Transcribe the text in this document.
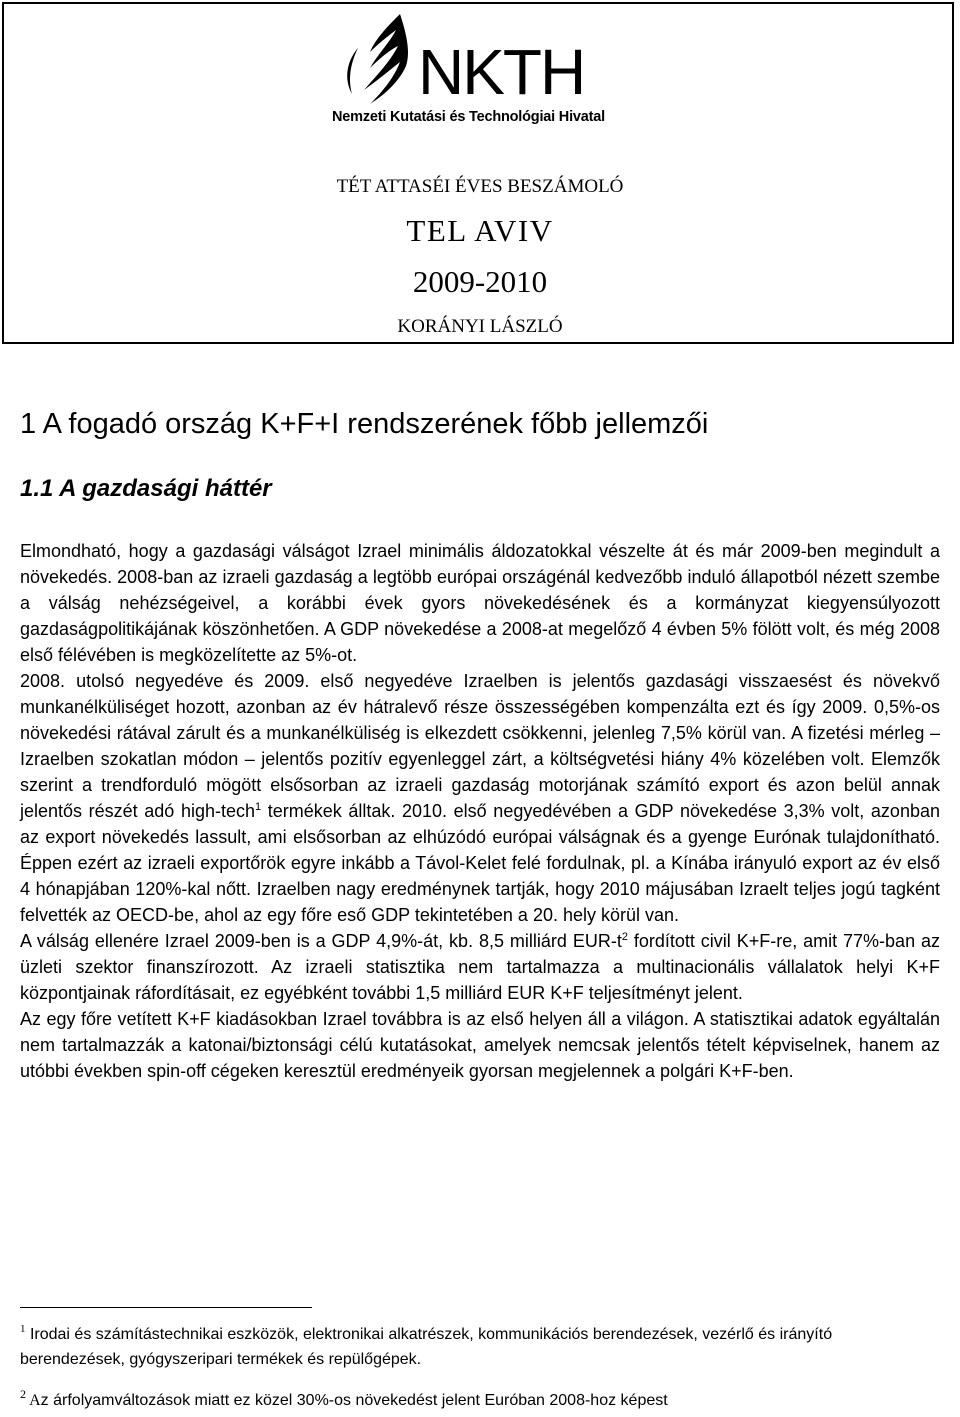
NKTH
Nemzeti Kutatási és Technológiai Hivatal
TÉT ATTASÉI ÉVES BESZÁMOLÓ
TEL AVIV
2009-2010
KORÁNYI LÁSZLÓ
1 A fogadó ország K+F+I rendszerének főbb jellemzői
1.1 A gazdasági háttér

Elmondható, hogy a gazdasági válságot Izrael minimális áldozatokkal vészelte át és már 2009-ben megindult a növekedés. 2008-ban az izraeli gazdaság a legtöbb európai országénál kedvezőbb induló állapotból nézett szembe a válság nehézségeivel, a korábbi évek gyors növekedésének és a kormányzat kiegyensúlyozott gazdaságpolitikájának köszönhetően. A GDP növekedése a 2008-at megelőző 4 évben 5% fölött volt, és még 2008 első félévében is megközelítette az 5%-ot.

2008. utolsó negyedéve és 2009. első negyedéve Izraelben is jelentős gazdasági visszaesést és növekvő munkanélküliséget hozott, azonban az év hátralevő része összességében kompenzálta ezt és így 2009. 0,5%-os növekedési rátával zárult és a munkanélküliség is elkezdett csökkenni, jelenleg 7,5% körül van. A fizetési mérleg – Izraelben szokatlan módon – jelentős pozitív egyenleggel zárt, a költségvetési hiány 4% közelében volt. Elemzők szerint a trendforduló mögött elsősorban az izraeli gazdaság motorjának számító export és azon belül annak jelentős részét adó high-tech$^1$ termékek álltak. 2010. első negyedévében a GDP növekedése 3,3% volt, azonban az export növekedés lassult, ami elsősorban az elhúzódó európai válságnak és a gyenge Eurónak tulajdonítható. Éppen ezért az izraeli exportőrök egyre inkább a Távol-Kelet felé fordulnak, pl. a Kínába irányuló export az év első 4 hónapjában 120%-kal nőtt. Izraelben nagy eredménynek tartják, hogy 2010 májusában Izraelt teljes jogú tagként felvették az OECD-be, ahol az egy főre eső GDP tekintetében a 20. hely körül van.

A válság ellenére Izrael 2009-ben is a GDP 4,9%-át, kb. 8,5 milliárd EUR-$t^2$ fordított civil K+F-re, amit 77%-ban az üzleti szektor finanszírozott. Az izraeli statisztika nem tartalmazza a multinacionális vállalatok helyi K+F központjainak ráfordításait, ez egyébként további 1,5 milliárd EUR K+F teljesítményt jelent.

Az egy főre vetített K+F kiadásokban Izrael továbbra is az első helyen áll a világon. A statisztikai adatok egyáltalán nem tartalmazzák a katonai/biztonsági célú kutatásokat, amelyek nemcsak jelentős tételt képviselnek, hanem az utóbbi években spin-off cégeken keresztül eredményeik gyorsan megjelennek a polgári K+F-ben.

$^1$ Irodai és számítástechnikai eszközök, elektronikai alkatrészek, kommunikációs berendezések, vezérlő és irányító berendezések, gyógyszeripari termékek és repülőgépek.
$^2$ Az árfolyamváltozások miatt ez közel 30%-os növekedést jelent Euróban 2008-hoz képest
